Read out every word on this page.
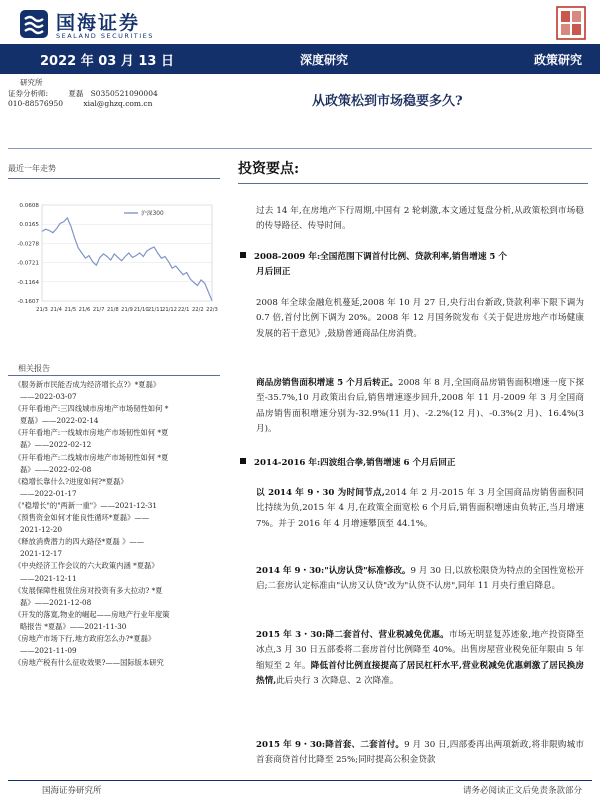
国海证券
SEALAND SECURITIES
2022 年 03 月 13 日	深度研究	政策研究
研究所
证券分析师:	夏磊 S0350521090004
010-88576950	xial@ghzq.com.cn	从政策松到市场稳要多久?
最近一年走势
0.0608
0.0165
-0.0278
-0.0721
-0.1164
-0.1607
21/3 21/4 21/5 21/6 21/7 21/8 21/9 21/10 21/11 21/12 22/1 22/2 22/3
沪深300
相关报告
《服务新市民能否成为经济增长点?》*夏磊》
——2022-03-07
《开年看地产:三四线城市房地产市场韧性如何 *
夏磊》——2022-02-14
《开年看地产:一线城市房地产市场韧性如何 *夏
磊》——2022-02-12
《开年看地产:二线城市房地产市场韧性如何 *夏
磊》——2022-02-08
《稳增长靠什么?进度如何?*夏磊》
——2022-01-17
《"稳增长"的"两新一重"》——2021-12-31
《预售资金如何才能良性循环*夏磊》——
2021-12-20
《释放消费潜力的四大路径*夏磊 》——
2021-12-17
《中央经济工作会议的六大政策内涵 *夏磊》
——2021-12-11
《发展保障性租赁住房对投资有多大拉动? *夏
磊》——2021-12-08
《开发的落寞,物业的崛起——房地产行业年度策
略报告 *夏磊》——2021-11-30
《房地产市场下行,地方政府怎么办?*夏磊》
——2021-11-09
《房地产税有什么征收效果?——国际版本研究
投资要点:
过去 14 年,在房地产下行周期,中国有 2 轮刺激,本文通过复盘分析,从政策松到市场稳的传导路径、传导时间。
2008-2009 年:全国范围下调首付比例、贷款利率,销售增速 5 个
月后回正
2008 年全球金融危机蔓延,2008 年 10 月 27 日,央行出台新政,贷款利率下限下调为 0.7 倍,首付比例下调为 20%。2008 年 12 月国务院发布《关于促进房地产市场健康发展的若干意见》,鼓励普通商品住房消费。
商品房销售面积增速 5 个月后转正。2008 年 8 月,全国商品房销售面积增速一度下探至-35.7%,10 月政策出台后,销售增速逐步回升,2008 年 11 月-2009 年 3 月全国商品房销售面积增速分别为-32.9%(11 月)、-2.2%(12 月)、-0.3%(2 月)、16.4%(3 月)。
2014-2016 年:四波组合拳,销售增速 6 个月后回正
以 2014 年 9・30 为时间节点,2014 年 2 月-2015 年 3 月全国商品房销售面积同比持续为负,2015 年 4 月,在政策全面宽松 6 个月后,销售面积增速由负转正,当月增速 7%。并于 2016 年 4 月增速攀顶至 44.1%。
2014 年 9・30:"认房认贷"标准修改。9 月 30 日,以放松限贷为特点的全国性宽松开启;二套房认定标准由"认房又认贷"改为"认贷不认房",同年 11 月央行重启降息。
2015 年 3・30:降二套首付、营业税减免优惠。市场无明显复苏迹象,地产投资降至冰点,3 月 30 日五部委将二套房首付比例降至 40%。出售房屋营业税免征年限由 5 年缩短至 2 年。降低首付比例直接提高了居民杠杆水平,营业税减免优惠刺激了居民换房热情,此后央行 3 次降息、2 次降准。
2015 年 9・30:降首套、二套首付。9 月 30 日,四部委再出两项新政,将非限购城市首套商贷首付比降至 25%;同时提高公积金贷款
国海证券研究所	请务必阅读正文后免责条款部分
